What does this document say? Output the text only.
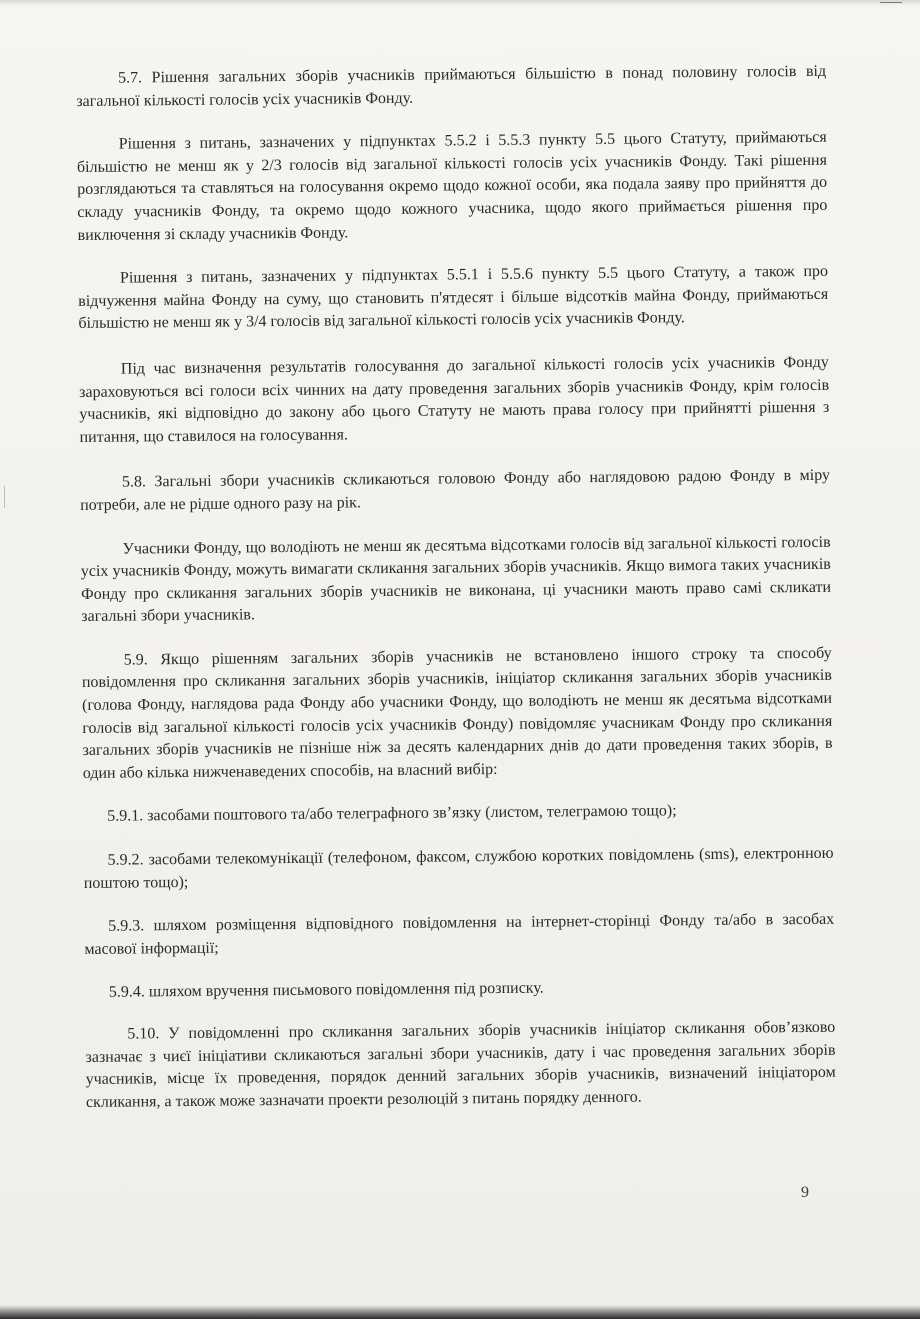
5.7. Рішення загальних зборів учасників приймаються більшістю в понад половину голосів від загальної кількості голосів усіх учасників Фонду.

Рішення з питань, зазначених у підпунктах 5.5.2 і 5.5.3 пункту 5.5 цього Статуту, приймаються більшістю не менш як у 2/3 голосів від загальної кількості голосів усіх учасників Фонду. Такі рішення розглядаються та ставляться на голосування окремо щодо кожної особи, яка подала заяву про прийняття до складу учасників Фонду, та окремо щодо кожного учасника, щодо якого приймається рішення про виключення зі складу учасників Фонду.

Рішення з питань, зазначених у підпунктах 5.5.1 і 5.5.6 пункту 5.5 цього Статуту, а також про відчуження майна Фонду на суму, що становить п'ятдесят і більше відсотків майна Фонду, приймаються більшістю не менш як у 3/4 голосів від загальної кількості голосів усіх учасників Фонду.

Під час визначення результатів голосування до загальної кількості голосів усіх учасників Фонду зараховуються всі голоси всіх чинних на дату проведення загальних зборів учасників Фонду, крім голосів учасників, які відповідно до закону або цього Статуту не мають права голосу при прийнятті рішення з питання, що ставилося на голосування.

5.8. Загальні збори учасників скликаються головою Фонду або наглядовою радою Фонду в міру потреби, але не рідше одного разу на рік.

Учасники Фонду, що володіють не менш як десятьма відсотками голосів від загальної кількості голосів усіх учасників Фонду, можуть вимагати скликання загальних зборів учасників. Якщо вимога таких учасників Фонду про скликання загальних зборів учасників не виконана, ці учасники мають право самі скликати загальні збори учасників.

5.9. Якщо рішенням загальних зборів учасників не встановлено іншого строку та способу повідомлення про скликання загальних зборів учасників, ініціатор скликання загальних зборів учасників (голова Фонду, наглядова рада Фонду або учасники Фонду, що володіють не менш як десятьма відсотками голосів від загальної кількості голосів усіх учасників Фонду) повідомляє учасникам Фонду про скликання загальних зборів учасників не пізніше ніж за десять календарних днів до дати проведення таких зборів, в один або кілька нижченаведених способів, на власний вибір:

5.9.1. засобами поштового та/або телеграфного зв’язку (листом, телеграмою тощо);

5.9.2. засобами телекомунікації (телефоном, факсом, службою коротких повідомлень (sms), електронною поштою тощо);

5.9.3. шляхом розміщення відповідного повідомлення на інтернет-сторінці Фонду та/або в засобах масової інформації;

5.9.4. шляхом вручення письмового повідомлення під розписку.

5.10. У повідомленні про скликання загальних зборів учасників ініціатор скликання обов’язково зазначає з чиєї ініціативи скликаються загальні збори учасників, дату і час проведення загальних зборів учасників, місце їх проведення, порядок денний загальних зборів учасників, визначений ініціатором скликання, а також може зазначати проекти резолюцій з питань порядку денного.

9
